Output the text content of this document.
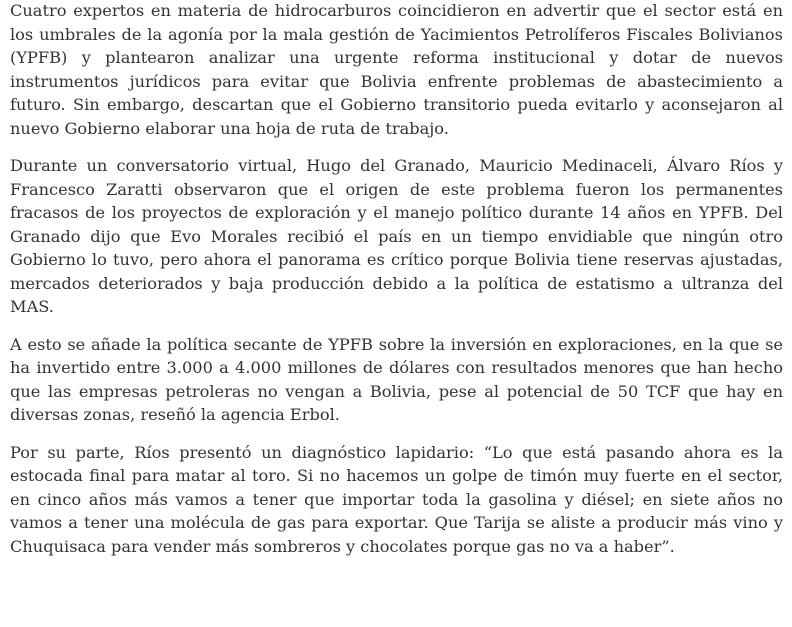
Cuatro expertos en materia de hidrocarburos coincidieron en advertir que el sector está en los umbrales de la agonía por la mala gestión de Yacimientos Petrolíferos Fiscales Bolivianos (YPFB) y plantearon analizar una urgente reforma institucional y dotar de nuevos instrumentos jurídicos para evitar que Bolivia enfrente problemas de abastecimiento a futuro. Sin embargo, descartan que el Gobierno transitorio pueda evitarlo y aconsejaron al nuevo Gobierno elaborar una hoja de ruta de trabajo.

Durante un conversatorio virtual, Hugo del Granado, Mauricio Medinaceli, Álvaro Ríos y Francesco Zaratti observaron que el origen de este problema fueron los permanentes fracasos de los proyectos de exploración y el manejo político durante 14 años en YPFB. Del Granado dijo que Evo Morales recibió el país en un tiempo envidiable que ningún otro Gobierno lo tuvo, pero ahora el panorama es crítico porque Bolivia tiene reservas ajustadas, mercados deteriorados y baja producción debido a la política de estatismo a ultranza del MAS.

A esto se añade la política secante de YPFB sobre la inversión en exploraciones, en la que se ha invertido entre 3.000 a 4.000 millones de dólares con resultados menores que han hecho que las empresas petroleras no vengan a Bolivia, pese al potencial de 50 TCF que hay en diversas zonas, reseñó la agencia Erbol.

Por su parte, Ríos presentó un diagnóstico lapidario: “Lo que está pasando ahora es la estocada final para matar al toro. Si no hacemos un golpe de timón muy fuerte en el sector, en cinco años más vamos a tener que importar toda la gasolina y diésel; en siete años no vamos a tener una molécula de gas para exportar. Que Tarija se aliste a producir más vino y Chuquisaca para vender más sombreros y chocolates porque gas no va a haber”.
